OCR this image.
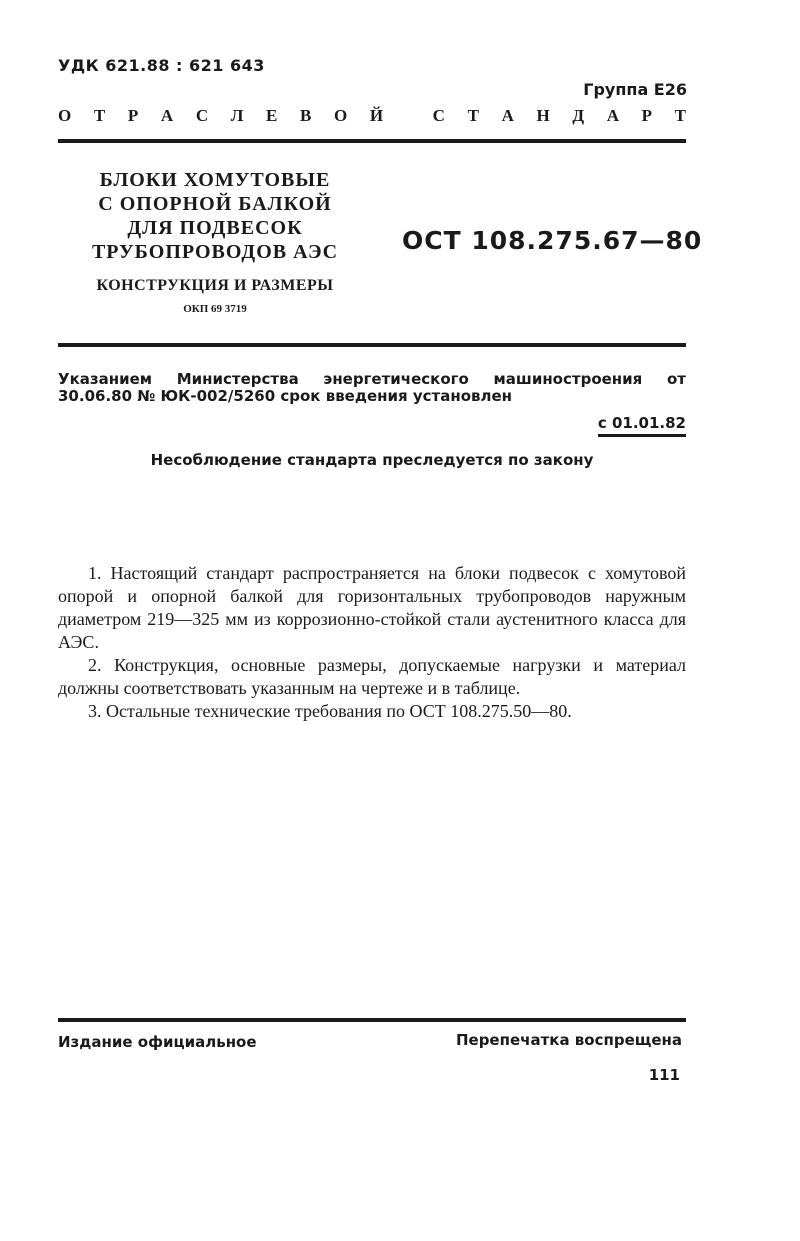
УДК 621.88 : 621 643
Группа Е26
О Т Р А С Л Е В О Й
	С Т А Н Д А Р Т
БЛОКИ ХОМУТОВЫЕ
С ОПОРНОЙ БАЛКОЙ
ДЛЯ ПОДВЕСОК
ТРУБОПРОВОДОВ АЭС
КОНСТРУКЦИЯ И РАЗМЕРЫ
ОКП 69 3719
ОСТ 108.275.67—80
Указанием Министерства энергетического машиностроения от
30.06.80 № ЮК-002/5260 срок введения установлен
с 01.01.82
Несоблюдение стандарта преследуется по закону

1. Настоящий стандарт распространяется на блоки подвесок с хомутовой опорой и опорной балкой для горизонтальных трубопроводов наружным диаметром 219—325 мм из коррозионно-стойкой стали аустенитного класса для АЭС.

2. Конструкция, основные размеры, допускаемые нагрузки и материал должны соответствовать указанным на чертеже и в таблице.

3. Остальные технические требования по ОСТ 108.275.50—80.

Издание официальное	Перепечатка воспрещена
111
